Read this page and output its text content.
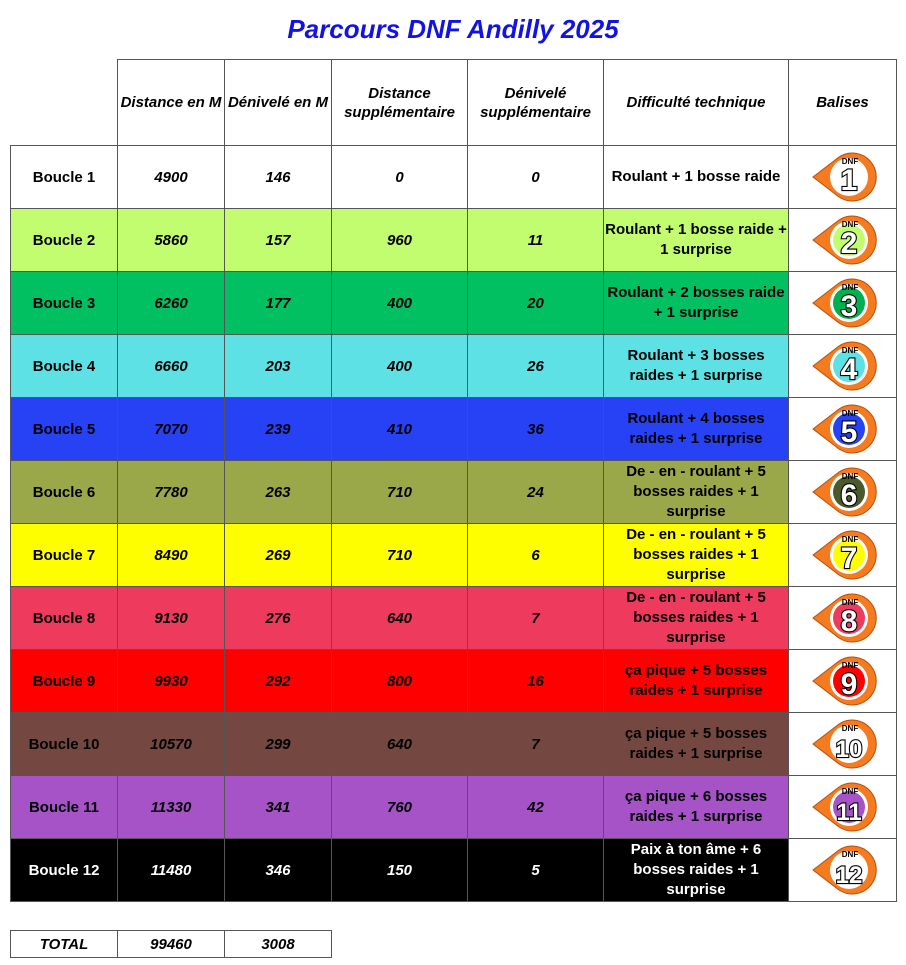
Parcours DNF Andilly 2025
	Distance en M	Dénivelé en M	Distance supplémentaire	Dénivelé supplémentaire	Difficulté technique	Balises
Boucle 1	4900	146	0	0	Roulant + 1 bosse raide	DNF
1

Boucle 2	5860	157	960	11	Roulant + 1 bosse raide + 1 surprise	DNF
2

Boucle 3	6260	177	400	20	Roulant + 2 bosses raide + 1 surprise	DNF
3

Boucle 4	6660	203	400	26	Roulant + 3 bosses raides + 1 surprise	DNF
4

Boucle 5	7070	239	410	36	Roulant + 4 bosses raides + 1 surprise	DNF
5

Boucle 6	7780	263	710	24	De - en - roulant + 5 bosses raides + 1 surprise	DNF
6

Boucle 7	8490	269	710	6	De - en - roulant + 5 bosses raides + 1 surprise	DNF
7

Boucle 8	9130	276	640	7	De - en - roulant + 5 bosses raides + 1 surprise	DNF
8

Boucle 9	9930	292	800	16	ça pique + 5 bosses raides + 1 surprise	DNF
9

Boucle 10	10570	299	640	7	ça pique + 5 bosses raides + 1 surprise	DNF
10

Boucle 11	11330	341	760	42	ça pique + 6 bosses raides + 1 surprise	DNF
11

Boucle 12	11480	346	150	5	Paix à ton âme + 6 bosses raides + 1 surprise	DNF
12
TOTAL	99460	3008
